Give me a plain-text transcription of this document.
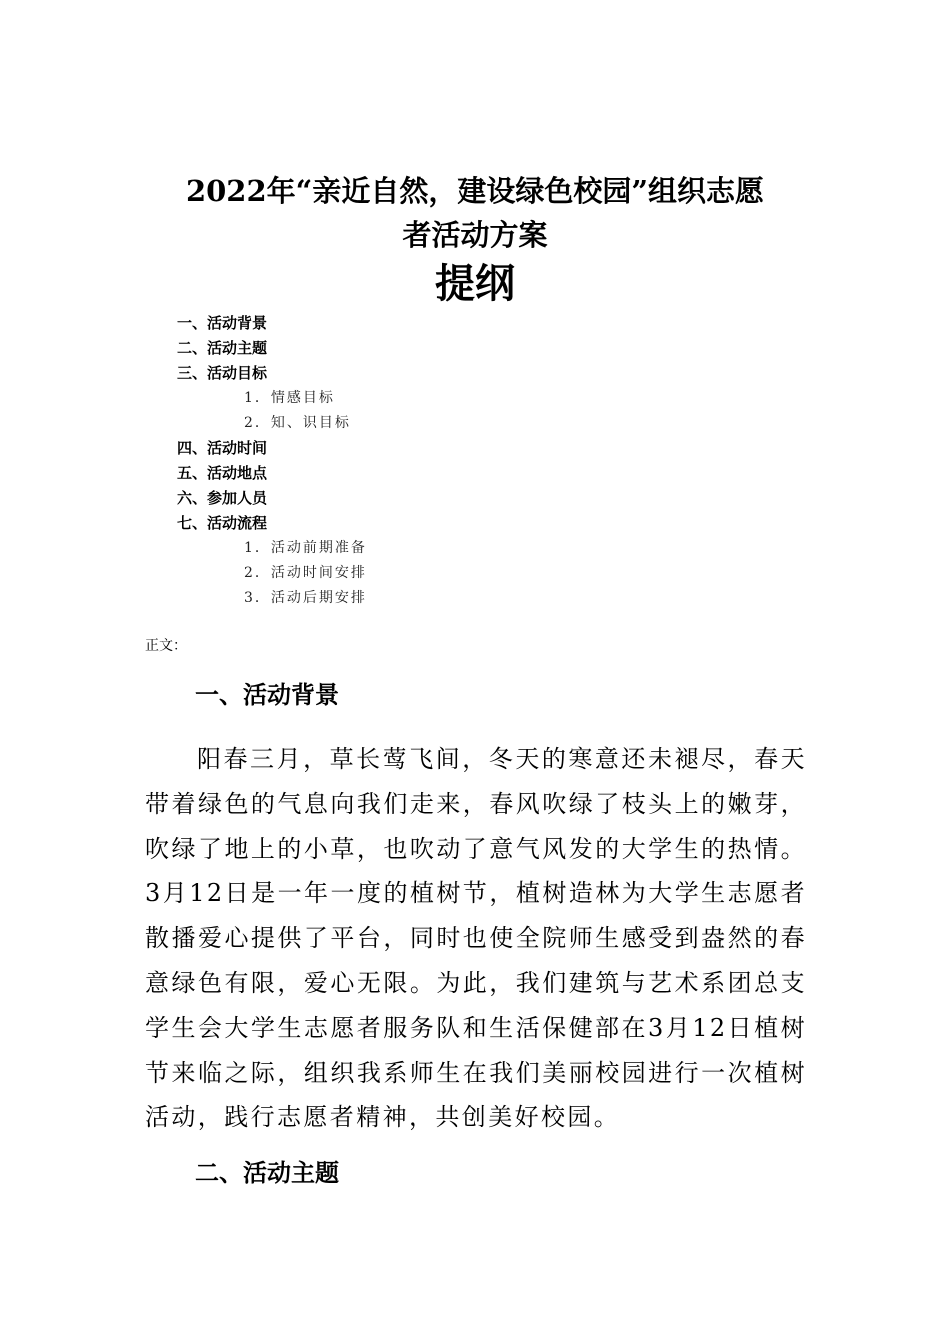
2022年“亲近自然，建设绿色校园”组织志愿
者活动方案
提纲
一、活动背景
二、活动主题
三、活动目标
1．情感目标
2．知、识目标
四、活动时间
五、活动地点
六、参加人员
七、活动流程
1．活动前期准备
2．活动时间安排
3．活动后期安排

正文：

一、活动背景

阳春三月，草长莺飞间，冬天的寒意还未褪尽，春天带着绿色的气息向我们走来，春风吹绿了枝头上的嫩芽，吹绿了地上的小草，也吹动了意气风发的大学生的热情。3月12日是一年一度的植树节，植树造林为大学生志愿者散播爱心提供了平台，同时也使全院师生感受到盎然的春意绿色有限，爱心无限。为此，我们建筑与艺术系团总支学生会大学生志愿者服务队和生活保健部在3月12日植树节来临之际，组织我系师生在我们美丽校园进行一次植树活动，践行志愿者精神，共创美好校园。

二、活动主题
